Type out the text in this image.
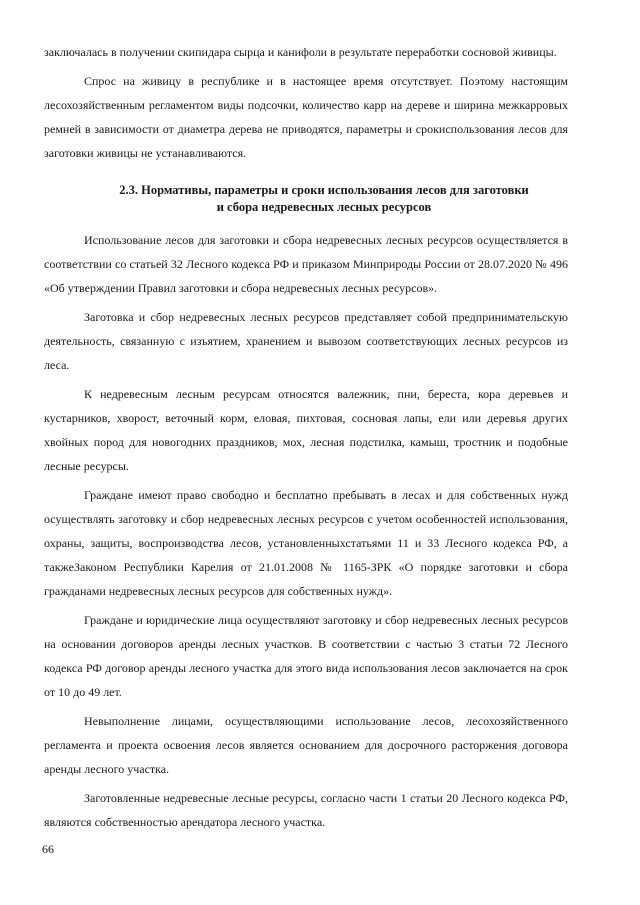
заключалась в получении скипидара сырца и канифоли в результате переработки сосновой живицы.

Спрос на живицу в республике и в настоящее время отсутствует. Поэтому настоящим лесохозяйственным регламентом виды подсочки, количество карр на дереве и ширина межкарровых ремней в зависимости от диаметра дерева не приводятся, параметры и срокиспользования лесов для заготовки живицы не устанавливаются.

2.3. Нормативы, параметры и сроки использования лесов для заготовки
и сбора недревесных лесных ресурсов

Использование лесов для заготовки и сбора недревесных лесных ресурсов осуществляется в соответствии со статьей 32 Лесного кодекса РФ и приказом Минприроды России от 28.07.2020 № 496 «Об утверждении Правил заготовки и сбора недревесных лесных ресурсов».

Заготовка и сбор недревесных лесных ресурсов представляет собой предпринимательскую деятельность, связанную с изъятием, хранением и вывозом соответствующих лесных ресурсов из леса.

К недревесным лесным ресурсам относятся валежник, пни, береста, кора деревьев и кустарников, хворост, веточный корм, еловая, пихтовая, сосновая лапы, ели или деревья других хвойных пород для новогодних праздников, мох, лесная подстилка, камыш, тростник и подобные лесные ресурсы.

Граждане имеют право свободно и бесплатно пребывать в лесах и для собственных нужд осуществлять заготовку и сбор недревесных лесных ресурсов с учетом особенностей использования, охраны, защиты, воспроизводства лесов, установленныхстатьями 11 и 33 Лесного кодекса РФ, а такжеЗаконом Республики Карелия от 21.01.2008 № 1165-ЗРК «О порядке заготовки и сбора гражданами недревесных лесных ресурсов для собственных нужд».

Граждане и юридические лица осуществляют заготовку и сбор недревесных лесных ресурсов на основании договоров аренды лесных участков. В соответствии с частью 3 статьи 72 Лесного кодекса РФ договор аренды лесного участка для этого вида использования лесов заключается на срок от 10 до 49 лет.

Невыполнение лицами, осуществляющими использование лесов, лесохозяйственного регламента и проекта освоения лесов является основанием для досрочного расторжения договора аренды лесного участка.

Заготовленные недревесные лесные ресурсы, согласно части 1 статьи 20 Лесного кодекса РФ, являются собственностью арендатора лесного участка.

66
